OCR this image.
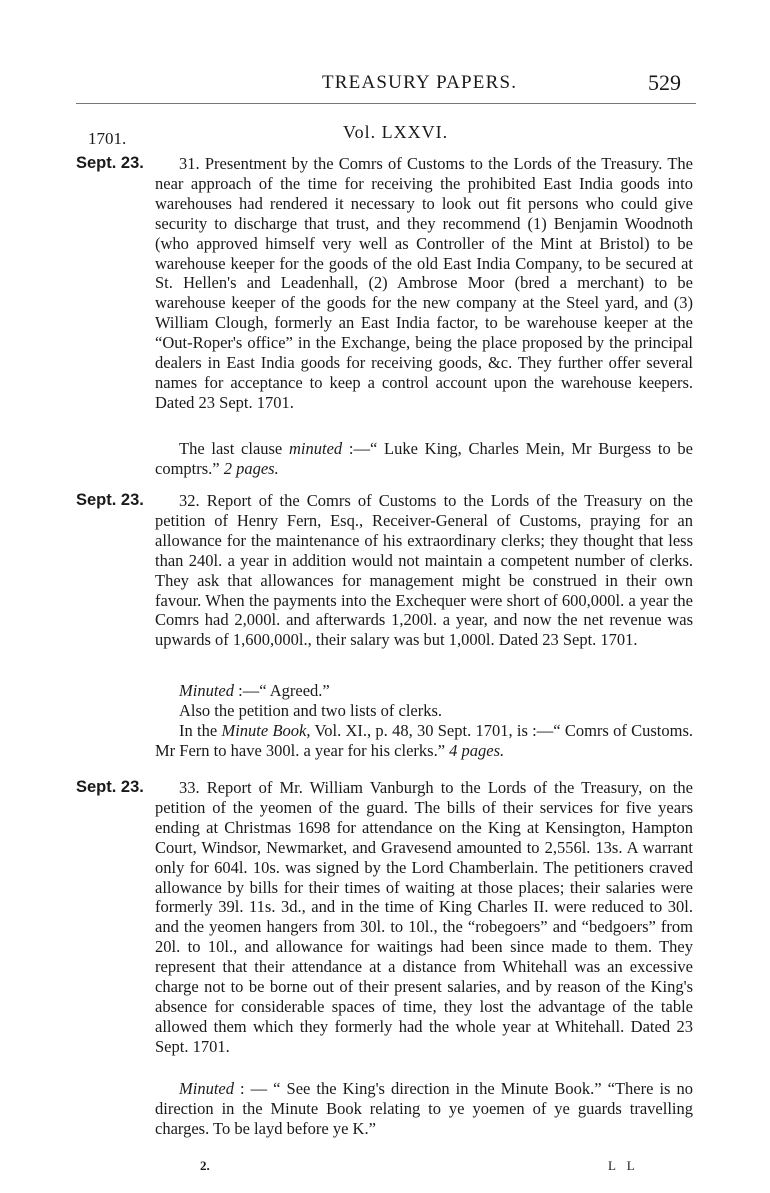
TREASURY PAPERS.	529
1701.	Vol. LXXVI.
Sept. 23.	31. Presentment by the Comrs of Customs to the Lords of the Treasury. The near approach of the time for receiving the prohibited East India goods into warehouses had rendered it necessary to look out fit persons who could give security to discharge that trust, and they recommend (1) Benjamin Woodnoth (who approved himself very well as Controller of the Mint at Bristol) to be warehouse keeper for the goods of the old East India Company, to be secured at St. Hellen's and Leadenhall, (2) Ambrose Moor (bred a merchant) to be warehouse keeper of the goods for the new company at the Steel yard, and (3) William Clough, formerly an East India factor, to be warehouse keeper at the “Out-Roper's office” in the Exchange, being the place proposed by the principal dealers in East India goods for receiving goods, &c. They further offer several names for acceptance to keep a control account upon the warehouse keepers. Dated 23 Sept. 1701.

The last clause minuted :—“ Luke King, Charles Mein, Mr Burgess to be comptrs.” 2 pages.

Sept. 23.	32. Report of the Comrs of Customs to the Lords of the Treasury on the petition of Henry Fern, Esq., Receiver-General of Customs, praying for an allowance for the maintenance of his extraordinary clerks; they thought that less than 240l. a year in addition would not maintain a competent number of clerks. They ask that allowances for management might be construed in their own favour. When the payments into the Exchequer were short of 600,000l. a year the Comrs had 2,000l. and afterwards 1,200l. a year, and now the net revenue was upwards of 1,600,000l., their salary was but 1,000l. Dated 23 Sept. 1701.

Minuted :—“ Agreed.”

Also the petition and two lists of clerks.

In the Minute Book, Vol. XI., p. 48, 30 Sept. 1701, is :—“ Comrs of Customs. Mr Fern to have 300l. a year for his clerks.” 4 pages.

Sept. 23.	33. Report of Mr. William Vanburgh to the Lords of the Treasury, on the petition of the yeomen of the guard. The bills of their services for five years ending at Christmas 1698 for attendance on the King at Kensington, Hampton Court, Windsor, Newmarket, and Gravesend amounted to 2,556l. 13s. A warrant only for 604l. 10s. was signed by the Lord Chamberlain. The petitioners craved allowance by bills for their times of waiting at those places; their salaries were formerly 39l. 11s. 3d., and in the time of King Charles II. were reduced to 30l. and the yeomen hangers from 30l. to 10l., the “robegoers” and “bedgoers” from 20l. to 10l., and allowance for waitings had been since made to them. They represent that their attendance at a distance from Whitehall was an excessive charge not to be borne out of their present salaries, and by reason of the King's absence for considerable spaces of time, they lost the advantage of the table allowed them which they formerly had the whole year at Whitehall. Dated 23 Sept. 1701.

Minuted : — “ See the King's direction in the Minute Book.” “There is no direction in the Minute Book relating to ye yoemen of ye guards travelling charges. To be layd before ye K.”

2.	L L
